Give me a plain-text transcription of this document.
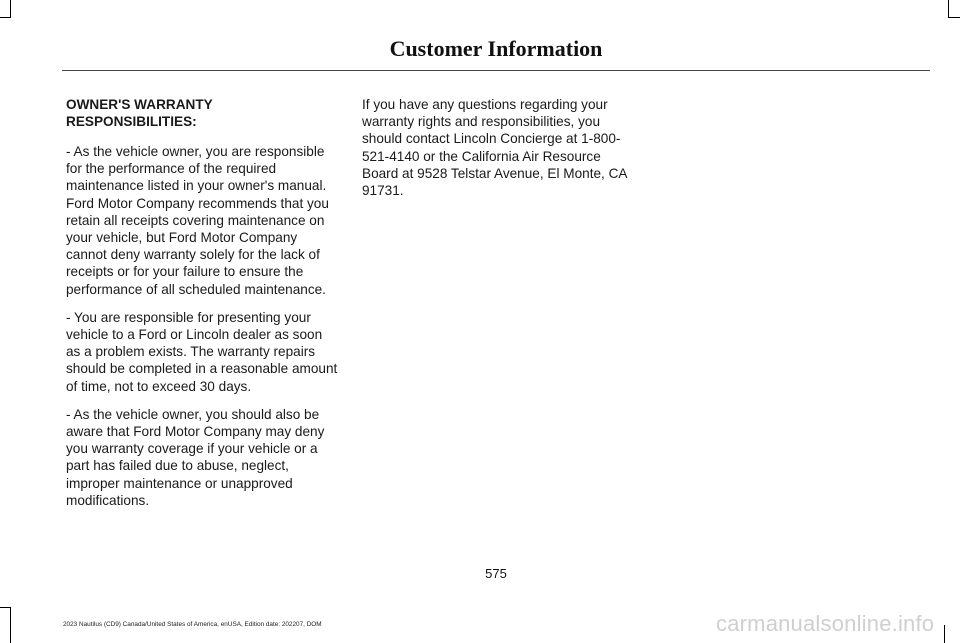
Customer Information
OWNER'S WARRANTY RESPONSIBILITIES:

- As the vehicle owner, you are responsible for the performance of the required maintenance listed in your owner's manual. Ford Motor Company recommends that you retain all receipts covering maintenance on your vehicle, but Ford Motor Company cannot deny warranty solely for the lack of receipts or for your failure to ensure the performance of all scheduled maintenance.

- You are responsible for presenting your vehicle to a Ford or Lincoln dealer as soon as a problem exists. The warranty repairs should be completed in a reasonable amount of time, not to exceed 30 days.

- As the vehicle owner, you should also be aware that Ford Motor Company may deny you warranty coverage if your vehicle or a part has failed due to abuse, neglect, improper maintenance or unapproved modifications.

If you have any questions regarding your warranty rights and responsibilities, you should contact Lincoln Concierge at 1-800-521-4140 or the California Air Resource Board at 9528 Telstar Avenue, El Monte, CA 91731.

575
2023 Nautilus (CD9) Canada/United States of America, enUSA, Edition date: 202207, DOM	carmanualsonline.info
